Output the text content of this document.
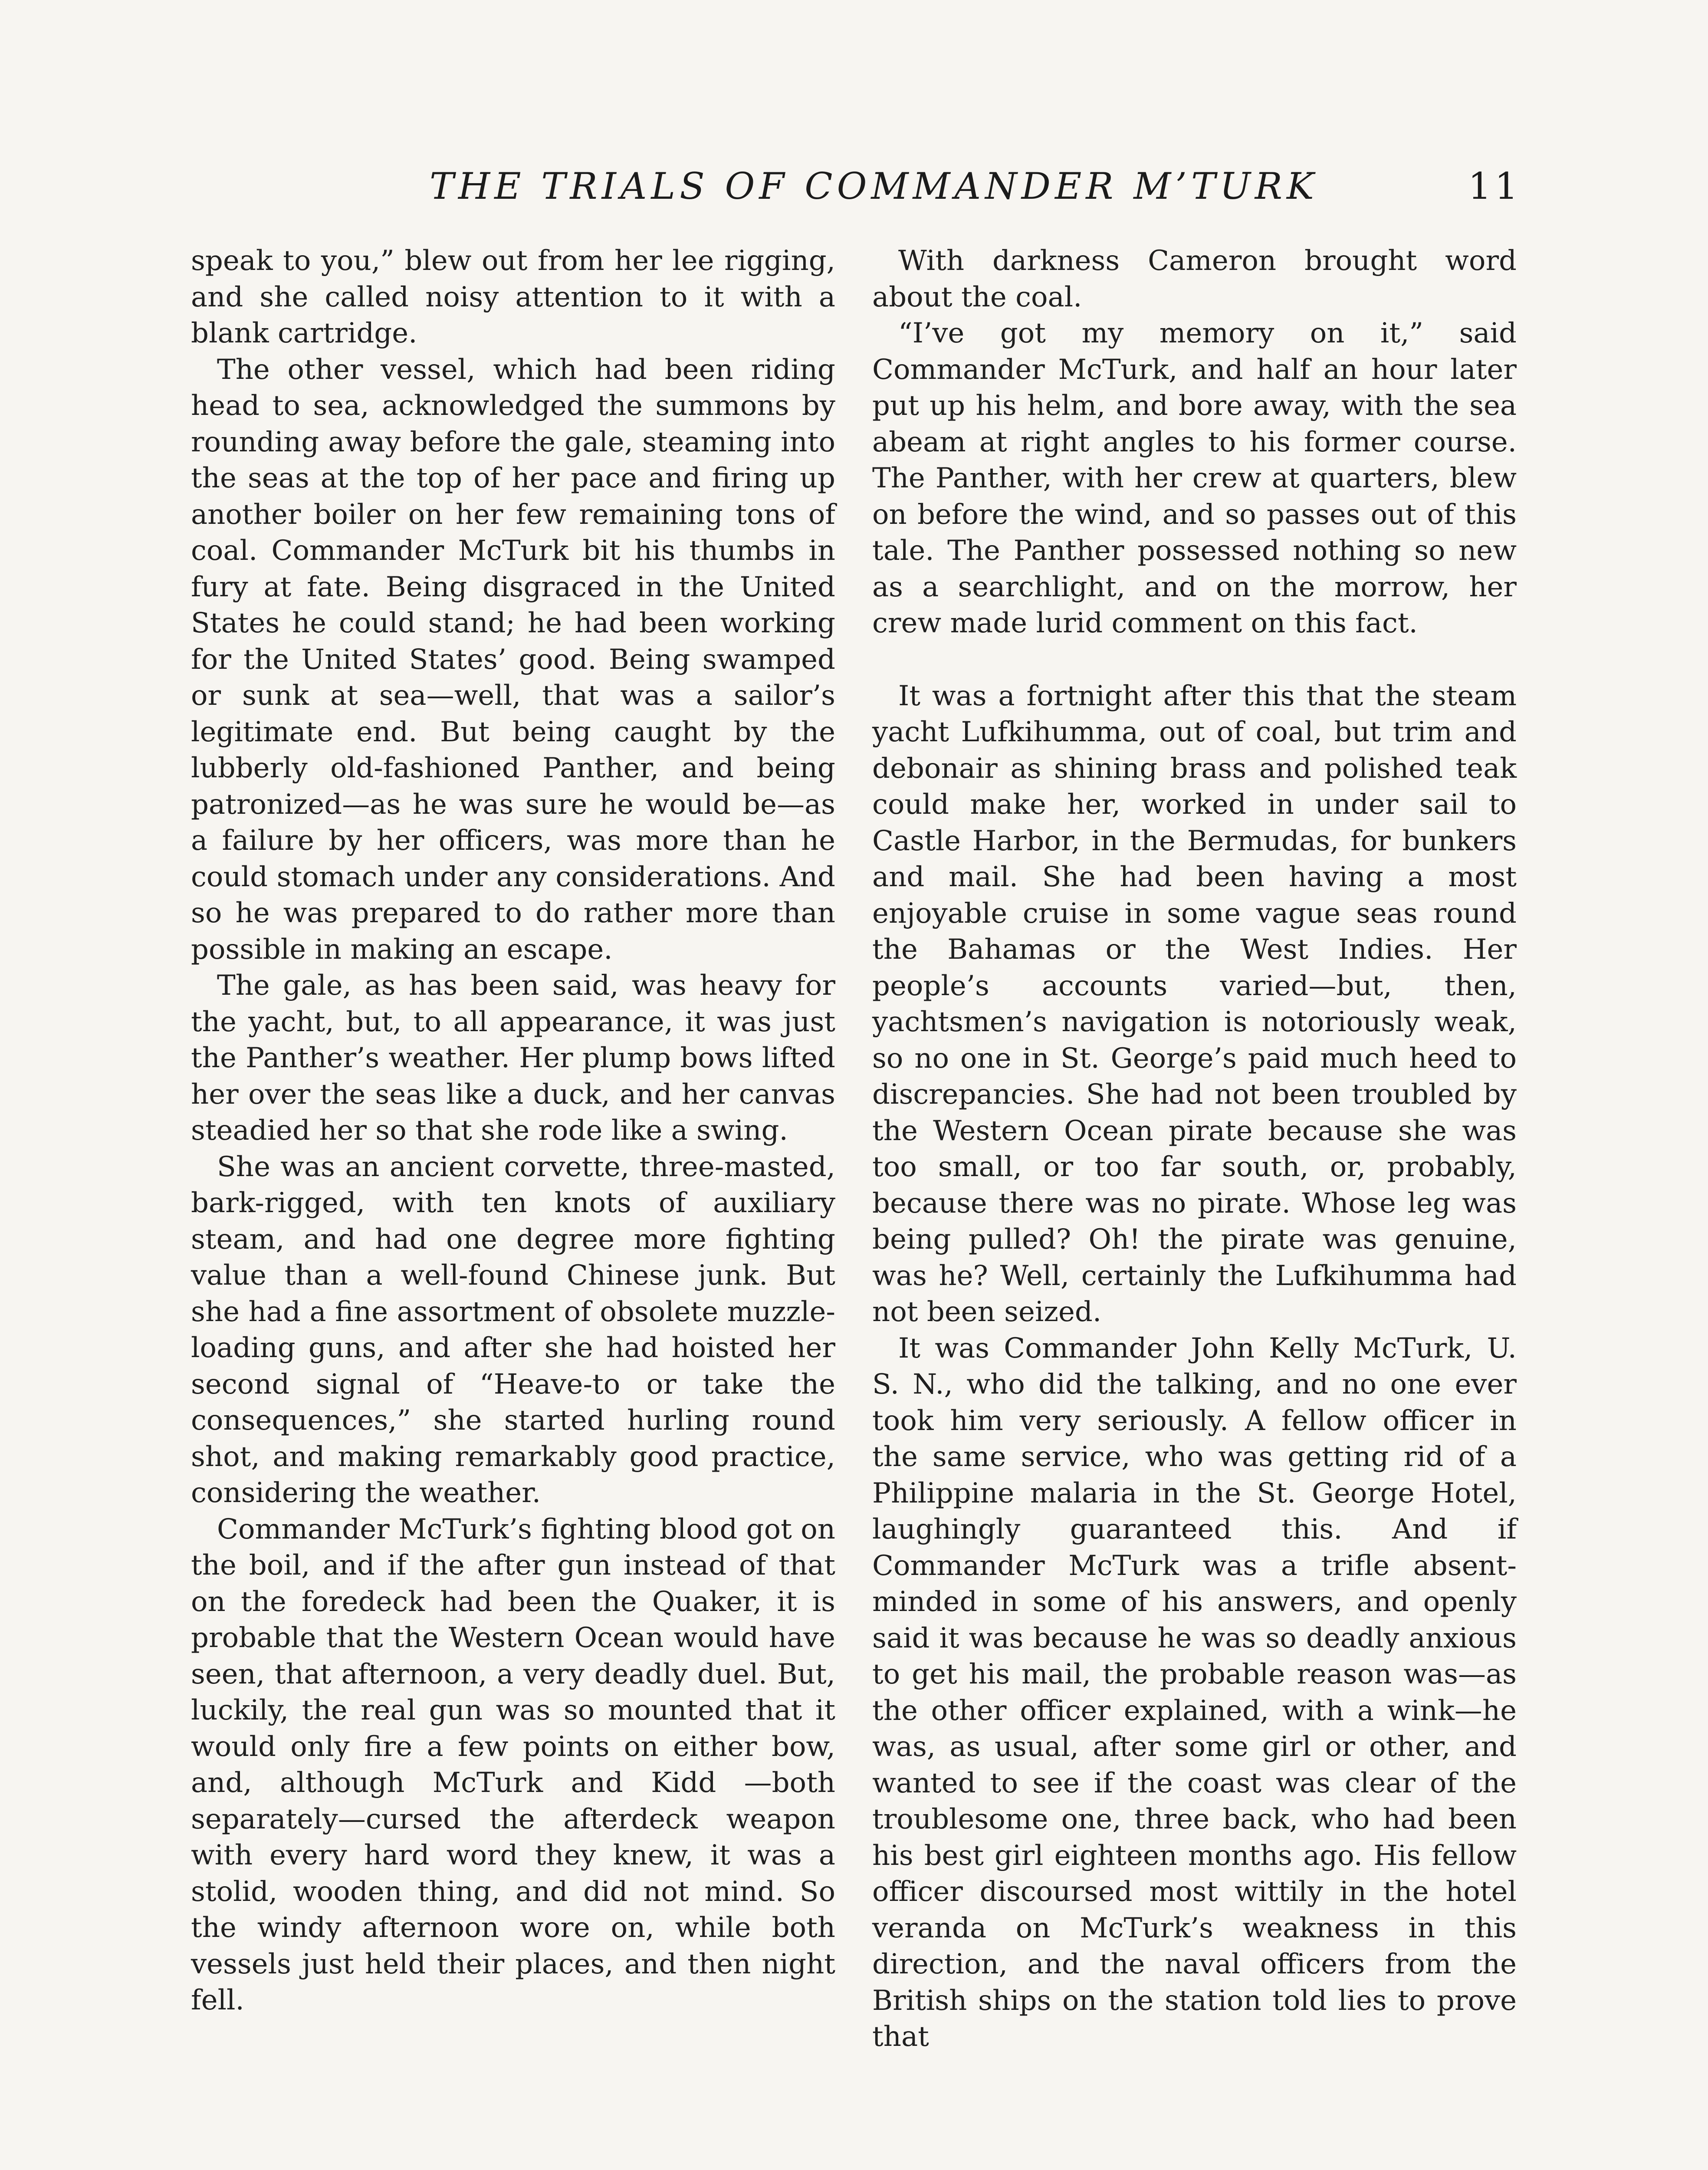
THE TRIALS OF COMMANDER M’TURK	11

speak to you,” blew out from her lee rigging, and she called noisy attention to it with a blank cartridge.

The other vessel, which had been riding head to sea, acknowledged the summons by rounding away before the gale, steaming into the seas at the top of her pace and firing up another boiler on her few remaining tons of coal. Commander McTurk bit his thumbs in fury at fate. Being disgraced in the United States he could stand; he had been working for the United States’ good. Being swamped or sunk at sea—well, that was a sailor’s legitimate end. But being caught by the lubberly old-fashioned Panther, and being patronized—as he was sure he would be—as a failure by her officers, was more than he could stomach under any considerations. And so he was prepared to do rather more than possible in making an escape.

The gale, as has been said, was heavy for the yacht, but, to all appearance, it was just the Panther’s weather. Her plump bows lifted her over the seas like a duck, and her canvas steadied her so that she rode like a swing.

She was an ancient corvette, three-masted, bark-rigged, with ten knots of auxiliary steam, and had one degree more fighting value than a well-found Chinese junk. But she had a fine assortment of obsolete muzzle-loading guns, and after she had hoisted her second signal of “Heave-to or take the consequences,” she started hurling round shot, and making remarkably good practice, considering the weather.

Commander McTurk’s fighting blood got on the boil, and if the after gun instead of that on the foredeck had been the Quaker, it is probable that the Western Ocean would have seen, that afternoon, a very deadly duel. But, luckily, the real gun was so mounted that it would only fire a few points on either bow, and, although McTurk and Kidd —both separately—cursed the afterdeck weapon with every hard word they knew, it was a stolid, wooden thing, and did not mind. So the windy afternoon wore on, while both vessels just held their places, and then night fell.

With darkness Cameron brought word about the coal.

“I’ve got my memory on it,” said Commander McTurk, and half an hour later put up his helm, and bore away, with the sea abeam at right angles to his former course. The Panther, with her crew at quarters, blew on before the wind, and so passes out of this tale. The Panther possessed nothing so new as a searchlight, and on the morrow, her crew made lurid comment on this fact.

It was a fortnight after this that the steam yacht Lufkihumma, out of coal, but trim and debonair as shining brass and polished teak could make her, worked in under sail to Castle Harbor, in the Bermudas, for bunkers and mail. She had been having a most enjoyable cruise in some vague seas round the Bahamas or the West Indies. Her people’s accounts varied—but, then, yachtsmen’s navigation is notoriously weak, so no one in St. George’s paid much heed to discrepancies. She had not been troubled by the Western Ocean pirate because she was too small, or too far south, or, probably, because there was no pirate. Whose leg was being pulled? Oh! the pirate was genuine, was he? Well, certainly the Lufkihumma had not been seized.

It was Commander John Kelly McTurk, U. S. N., who did the talking, and no one ever took him very seriously. A fellow officer in the same service, who was getting rid of a Philippine malaria in the St. George Hotel, laughingly guaranteed this. And if Commander McTurk was a trifle absent-minded in some of his answers, and openly said it was because he was so deadly anxious to get his mail, the probable reason was—as the other officer explained, with a wink—he was, as usual, after some girl or other, and wanted to see if the coast was clear of the troublesome one, three back, who had been his best girl eighteen months ago. His fellow officer discoursed most wittily in the hotel veranda on McTurk’s weakness in this direction, and the naval officers from the British ships on the station told lies to prove that
